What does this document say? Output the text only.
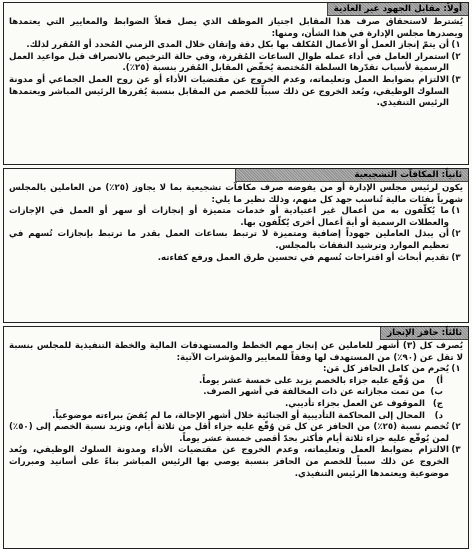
أولاً: مقابل الجهود غير العادية

يُشترط لاستحقاق صرف هذا المقابل اجتياز الموظف الذي يصل فعلاً الضوابط والمعايير التي يعتمدها ويصدرها مجلس الإدارة في هذا الشأن، ومنها:

١)
أن يتمّ إنجاز العمل أو الأعمال المُكلف بها بكل دقة وإتقان خلال المدى الزمني المُحدد أو المُقرر لذلك.
٢)
استمرار العامل في أداء عمله طوال الساعات المُقررة، وفي حالة الترخيص بالانصراف قبل مواعيد العمل الرسمية لأسباب تقدّرها السلطة المُختصة يُخفّض المقابل المُقرر بنسبة (٢٥٪).
٣)
الالتزام بضوابط العمل وتعليماته، وعدم الخروج عن مقتضيات الأداء أو عن روح العمل الجماعي أو مدونة السلوك الوظيفي، ويُعد الخروج عن ذلك سبباً للخصم من المقابل بنسبة يُقررها الرئيس المباشر ويعتمدها الرئيس التنفيذي.
ثانياً: المكافآت التشجيعية

يكون لرئيس مجلس الإدارة أو من يفوضه صرف مكافآت تشجيعية بما لا يجاوز (٢٥٪) من العاملين بالمجلس شهرياً بفئات مالية تُناسب جهد كل منهم، وذلك نظير ما يلي:

١)
ما يُكلّفون به من أعمال غير اعتيادية أو خدمات متميزة أو إنجازات أو سهر أو العمل في الإجازات والعطلات الرسمية أو أية أعمال أخرى يُكلّفون بها.
٢)
أن يبذل العاملين جهوداً إضافية ومتميزة لا ترتبط بساعات العمل بقدر ما ترتبط بإنجازات تُسهم في تعظيم الموارد وترشيد النفقات بالمجلس.
٣)
تقديم أبحاث أو اقتراحات تُسهم في تحسين طرق العمل ورفع كفاءته.
ثالثاً: حافز الإنجاز

يُصرف كل (٣) أشهر للعاملين عن إنجاز مهم الخطط والمستهدفات المالية والخطة التنفيذية للمجلس بنسبة لا تقل عن (٩٠٪) من المستهدف لها وفقاً للمعايير والمؤشرات الآتية:

١)
يُحرم من كامل الحافز كل مَن:
أ)
من وُقّع عليه جزاء بالخصم يزيد على خمسة عشر يوماً.
ب)
من تمت مجازاته عن ذات المخالفة في أشهر الصرف.
ج)
الموقوف عن العمل بجزاء تأديبي.
د)
المحال إلى المحاكمة التأديبية أو الجنائية خلال أشهر الإحالة، ما لم يُقضَ ببراءته موضوعياً.
٢)
تُخصم نسبة (٢٥٪) من الحافز عن كل مَن وُقّع عليه جزاء أقل من ثلاثة أيام، وتزيد نسبة الخصم إلى (٥٠٪) لمن يُوقّع عليه جزاء ثلاثة أيام فأكثر بحدّ أقصى خمسة عشر يوماً.
٣)
الالتزام بضوابط العمل وتعليماته، وعدم الخروج عن مقتضيات الأداء ومدونة السلوك الوظيفي، ويُعد الخروج عن ذلك سبباً للخصم من الحافز بنسبة يوصي بها الرئيس المباشر بناءً على أسانيد ومبررات موضوعية ويعتمدها الرئيس التنفيذي.
